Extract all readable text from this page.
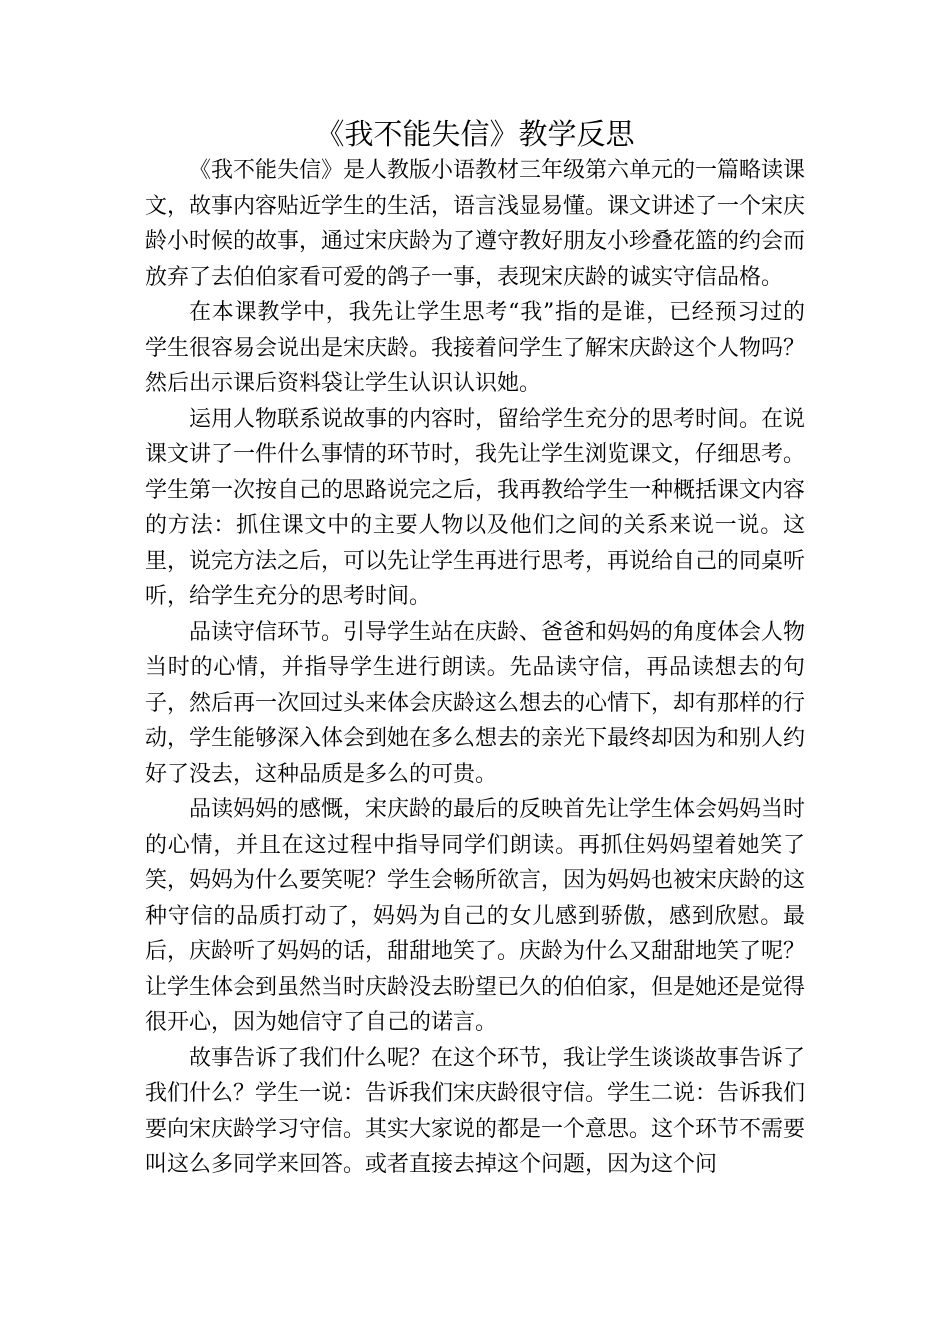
《我不能失信》教学反思

《我不能失信》是人教版小语教材三年级第六单元的一篇略读课文，故事内容贴近学生的生活，语言浅显易懂。课文讲述了一个宋庆龄小时候的故事，通过宋庆龄为了遵守教好朋友小珍叠花篮的约会而放弃了去伯伯家看可爱的鸽子一事，表现宋庆龄的诚实守信品格。

在本课教学中，我先让学生思考“我”指的是谁，已经预习过的学生很容易会说出是宋庆龄。我接着问学生了解宋庆龄这个人物吗？然后出示课后资料袋让学生认识认识她。

运用人物联系说故事的内容时，留给学生充分的思考时间。在说课文讲了一件什么事情的环节时，我先让学生浏览课文，仔细思考。学生第一次按自己的思路说完之后，我再教给学生一种概括课文内容的方法：抓住课文中的主要人物以及他们之间的关系来说一说。这里，说完方法之后，可以先让学生再进行思考，再说给自己的同桌听听，给学生充分的思考时间。

品读守信环节。引导学生站在庆龄、爸爸和妈妈的角度体会人物当时的心情，并指导学生进行朗读。先品读守信，再品读想去的句子，然后再一次回过头来体会庆龄这么想去的心情下，却有那样的行动，学生能够深入体会到她在多么想去的亲光下最终却因为和别人约好了没去，这种品质是多么的可贵。

品读妈妈的感慨，宋庆龄的最后的反映首先让学生体会妈妈当时的心情，并且在这过程中指导同学们朗读。再抓住妈妈望着她笑了笑，妈妈为什么要笑呢？学生会畅所欲言，因为妈妈也被宋庆龄的这种守信的品质打动了，妈妈为自己的女儿感到骄傲，感到欣慰。最后，庆龄听了妈妈的话，甜甜地笑了。庆龄为什么又甜甜地笑了呢？让学生体会到虽然当时庆龄没去盼望已久的伯伯家，但是她还是觉得很开心，因为她信守了自己的诺言。

故事告诉了我们什么呢？在这个环节，我让学生谈谈故事告诉了我们什么？学生一说：告诉我们宋庆龄很守信。学生二说：告诉我们要向宋庆龄学习守信。其实大家说的都是一个意思。这个环节不需要叫这么多同学来回答。或者直接去掉这个问题，因为这个问
